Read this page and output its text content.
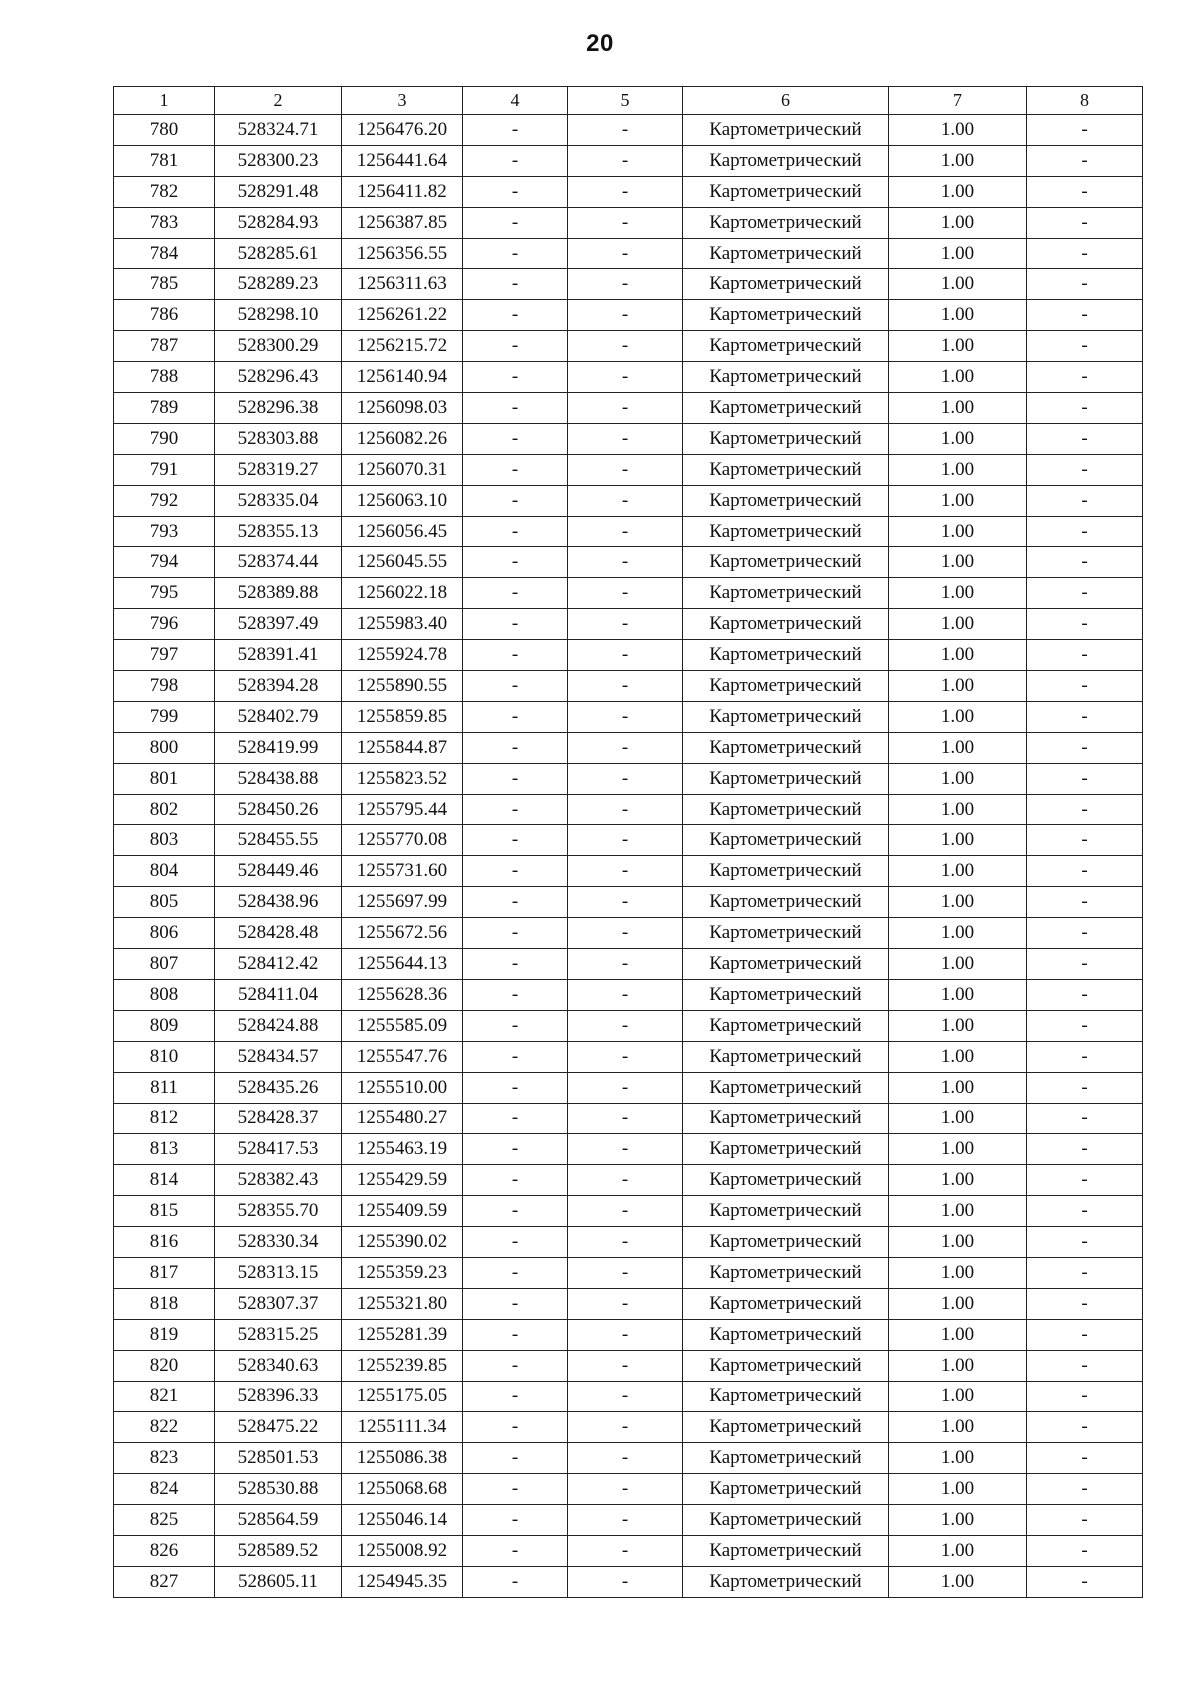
20
1	2	3	4	5	6	7	8
780	528324.71	1256476.20	-	-	Картометрический	1.00	-
781	528300.23	1256441.64	-	-	Картометрический	1.00	-
782	528291.48	1256411.82	-	-	Картометрический	1.00	-
783	528284.93	1256387.85	-	-	Картометрический	1.00	-
784	528285.61	1256356.55	-	-	Картометрический	1.00	-
785	528289.23	1256311.63	-	-	Картометрический	1.00	-
786	528298.10	1256261.22	-	-	Картометрический	1.00	-
787	528300.29	1256215.72	-	-	Картометрический	1.00	-
788	528296.43	1256140.94	-	-	Картометрический	1.00	-
789	528296.38	1256098.03	-	-	Картометрический	1.00	-
790	528303.88	1256082.26	-	-	Картометрический	1.00	-
791	528319.27	1256070.31	-	-	Картометрический	1.00	-
792	528335.04	1256063.10	-	-	Картометрический	1.00	-
793	528355.13	1256056.45	-	-	Картометрический	1.00	-
794	528374.44	1256045.55	-	-	Картометрический	1.00	-
795	528389.88	1256022.18	-	-	Картометрический	1.00	-
796	528397.49	1255983.40	-	-	Картометрический	1.00	-
797	528391.41	1255924.78	-	-	Картометрический	1.00	-
798	528394.28	1255890.55	-	-	Картометрический	1.00	-
799	528402.79	1255859.85	-	-	Картометрический	1.00	-
800	528419.99	1255844.87	-	-	Картометрический	1.00	-
801	528438.88	1255823.52	-	-	Картометрический	1.00	-
802	528450.26	1255795.44	-	-	Картометрический	1.00	-
803	528455.55	1255770.08	-	-	Картометрический	1.00	-
804	528449.46	1255731.60	-	-	Картометрический	1.00	-
805	528438.96	1255697.99	-	-	Картометрический	1.00	-
806	528428.48	1255672.56	-	-	Картометрический	1.00	-
807	528412.42	1255644.13	-	-	Картометрический	1.00	-
808	528411.04	1255628.36	-	-	Картометрический	1.00	-
809	528424.88	1255585.09	-	-	Картометрический	1.00	-
810	528434.57	1255547.76	-	-	Картометрический	1.00	-
811	528435.26	1255510.00	-	-	Картометрический	1.00	-
812	528428.37	1255480.27	-	-	Картометрический	1.00	-
813	528417.53	1255463.19	-	-	Картометрический	1.00	-
814	528382.43	1255429.59	-	-	Картометрический	1.00	-
815	528355.70	1255409.59	-	-	Картометрический	1.00	-
816	528330.34	1255390.02	-	-	Картометрический	1.00	-
817	528313.15	1255359.23	-	-	Картометрический	1.00	-
818	528307.37	1255321.80	-	-	Картометрический	1.00	-
819	528315.25	1255281.39	-	-	Картометрический	1.00	-
820	528340.63	1255239.85	-	-	Картометрический	1.00	-
821	528396.33	1255175.05	-	-	Картометрический	1.00	-
822	528475.22	1255111.34	-	-	Картометрический	1.00	-
823	528501.53	1255086.38	-	-	Картометрический	1.00	-
824	528530.88	1255068.68	-	-	Картометрический	1.00	-
825	528564.59	1255046.14	-	-	Картометрический	1.00	-
826	528589.52	1255008.92	-	-	Картометрический	1.00	-
827	528605.11	1254945.35	-	-	Картометрический	1.00	-
